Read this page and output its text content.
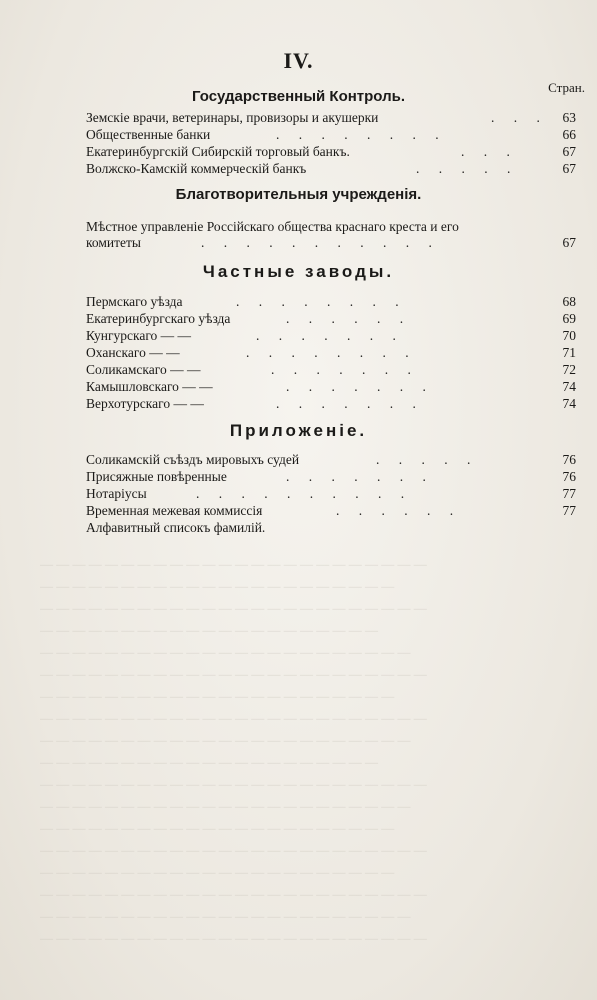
— — — — — — — — — — — — — — — — — — — — — — — —
— — — — — — — — — — — — — — — — — — — — — — —
— — — — — — — — — — — — — — — — — — — — — — — —
— — — — — — — — — — — — — — — — — — — — — —
— — — — — — — — — — — — — — — — — — — — — — — —
— — — — — — — — — — — — — — — — — — — — — —
— — — — — — — — — — — — — — — — — — — — — — —
— — — — — — — — — — — — — — — — — — — — — — — —
— — — — — — — — — — — — — — — — — — — — —
— — — — — — — — — — — — — — — — — — — — — — —
— — — — — — — — — — — — — — — — — — — — — — — —
— — — — — — — — — — — — — — — — — — — — — —
— — — — — — — — — — — — — — — — — — — — — — — —
— — — — — — — — — — — — — — — — — — — — — — —
— — — — — — — — — — — — — — — — — — — — —
— — — — — — — — — — — — — — — — — — — — — — — —
— — — — — — — — — — — — — — — — — — — — — —
— — — — — — — — — — — — — — — — — — — — — — — —
IV.
Стран.
Государственный Контроль.
Земскіе врачи, ветеринары, провизоры и акушерки	. . . 63
Общественные банки	. . . . . . . .	66
Екатеринбургскій Сибирскій торговый банкъ.	. . .	67
Волжско-Камскій коммерческій банкъ	. . . . .	67
Благотворительныя учрежденія.
Мѣстное управленіе Россійскаго общества краснаго креста и его
комитеты	. . . . . . . . . . .	67
Частные заводы.
Пермскаго уѣзда	. . . . . . . .	68
Екатеринбургскаго уѣзда	. . . . . .	69
Кунгурскаго — —	. . . . . . .	70
Оханскаго — —	. . . . . . . .	71
Соликамскаго — —	. . . . . . .	72
Камышловскаго — —	. . . . . . .	74
Верхотурскаго — —	. . . . . . .	74
Приложеніе.
Соликамскій съѣздъ мировыхъ судей	. . . . .	76
Присяжные повѣренные	. . . . . . .	76
Нотаріусы	. . . . . . . . . .	77
Временная межевая коммиссія	. . . . . .	77
Алфавитный списокъ фамилій.
